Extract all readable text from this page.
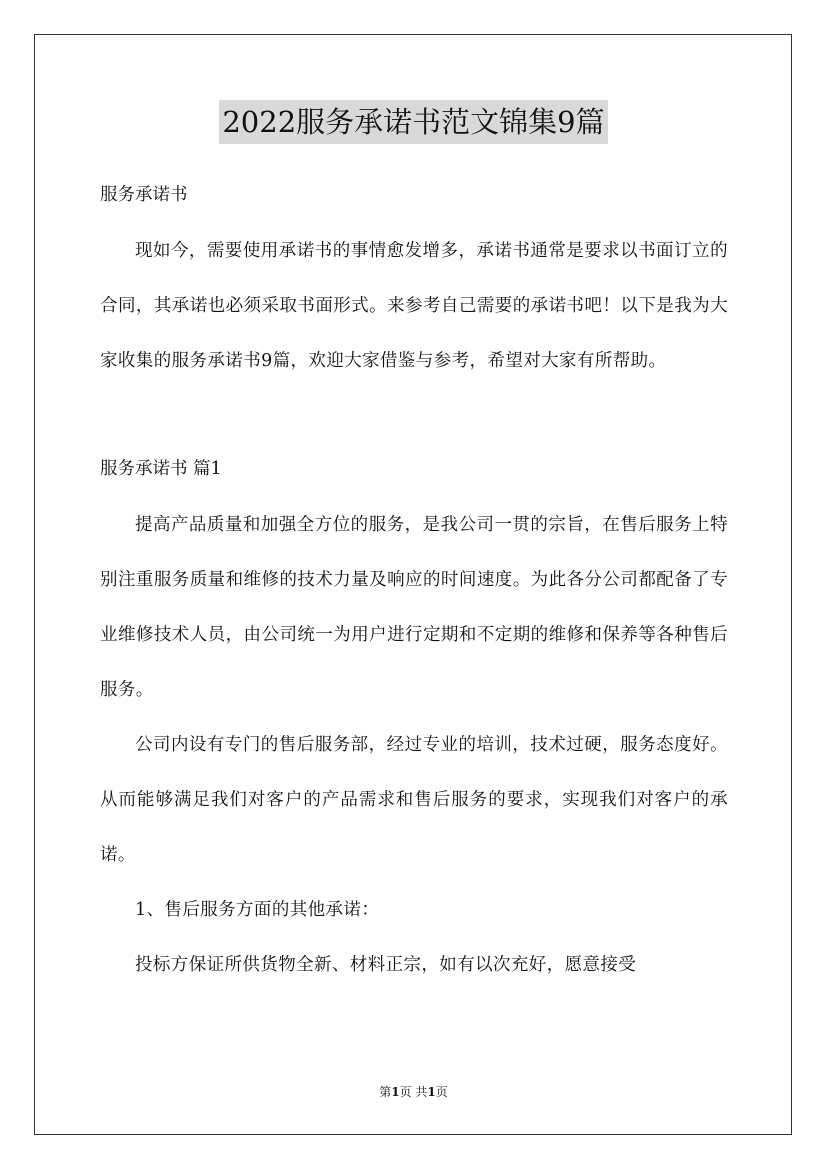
2022服务承诺书范文锦集9篇

服务承诺书

现如今，需要使用承诺书的事情愈发增多，承诺书通常是要求以书面订立的合同，其承诺也必须采取书面形式。来参考自己需要的承诺书吧！以下是我为大家收集的服务承诺书9篇，欢迎大家借鉴与参考，希望对大家有所帮助。

服务承诺书 篇1

提高产品质量和加强全方位的服务，是我公司一贯的宗旨，在售后服务上特别注重服务质量和维修的技术力量及响应的时间速度。为此各分公司都配备了专业维修技术人员，由公司统一为用户进行定期和不定期的维修和保养等各种售后服务。

公司内设有专门的售后服务部，经过专业的培训，技术过硬，服务态度好。从而能够满足我们对客户的产品需求和售后服务的要求，实现我们对客户的承诺。

1、售后服务方面的其他承诺：

投标方保证所供货物全新、材料正宗，如有以次充好，愿意接受

第1页 共1页
